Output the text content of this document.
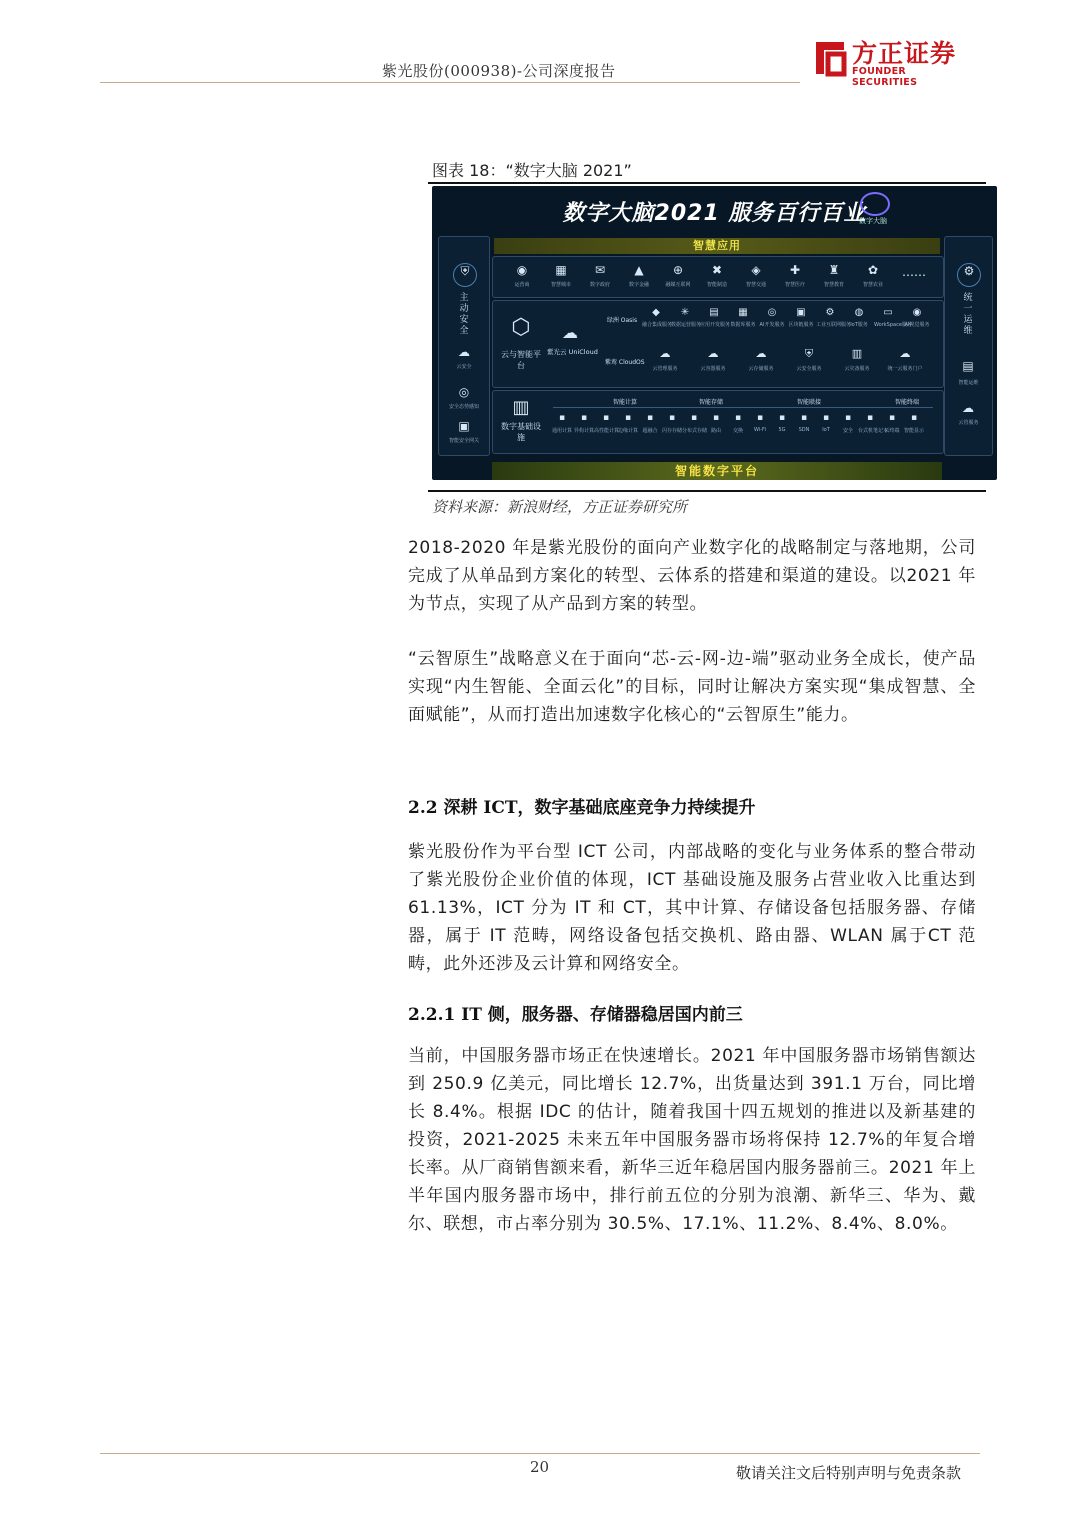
紫光股份(000938)-公司深度报告
方正证券
FOUNDER SECURITIES
图表 18：“数字大脑 2021”
数字大脑2021 服务百行百业
数字大脑
⛨
主动安全
☁
云安全
◎
安全态势感知
▣
智能安全网关
⚙
统一运维
▤
智能运维
☁
云管服务
智慧应用
◉
运营商
▦
智慧城市
✉
数字政府
▲
数字金融
⊕
融媒互联网
✖
智能制造
◈
智慧交通
✚
智慧医疗
♜
智慧教育
✿
智慧农业
……
⬡
云与智能平台
☁
紫光云 UniCloud
绿洲 Oasis
紫鸾 CloudOS
◆
融合集成服务
✳
数据运营服务
▤
应用开发服务
▦
数据库服务
◎
AI开发服务
▣
区块链服务
⚙
工业互联网服务
◍
IoT服务
▭
WorkSpace服务
◉
AI视觉服务
☁
云管理服务
☁
云容器服务
☁
云存储服务
⛨
云安全服务
▥
云灾备服务
☁
统一云服务门户
▥
数字基础设施
智能计算	智能存储	智能联接	智能终端
▪
通用计算
▪
异构计算
▪
高性能计算
▪
边缘计算
▪
超融合
▪
闪存存储
▪
分布式存储
▪
路由
▪
交换
▪
Wi-Fi
▪
5G
▪
SDN
▪
IoT
▪
安全
▪
台式机笔记本
▪
云终端
▪
智能显示
智能数字平台
资料来源：新浪财经，方正证券研究所
2018-2020 年是紫光股份的面向产业数字化的战略制定与落地期，公司完成了从单品到方案化的转型、云体系的搭建和渠道的建设。以2021 年为节点，实现了从产品到方案的转型。
“云智原生”战略意义在于面向“芯-云-网-边-端”驱动业务全成长，使产品实现“内生智能、全面云化”的目标，同时让解决方案实现“集成智慧、全面赋能”，从而打造出加速数字化核心的“云智原生”能力。
2.2 深耕 ICT，数字基础底座竞争力持续提升
紫光股份作为平台型 ICT 公司，内部战略的变化与业务体系的整合带动了紫光股份企业价值的体现，ICT 基础设施及服务占营业收入比重达到 61.13%，ICT 分为 IT 和 CT，其中计算、存储设备包括服务器、存储器，属于 IT 范畴，网络设备包括交换机、路由器、WLAN 属于CT 范畴，此外还涉及云计算和网络安全。
2.2.1 IT 侧，服务器、存储器稳居国内前三
当前，中国服务器市场正在快速增长。2021 年中国服务器市场销售额达到 250.9 亿美元，同比增长 12.7%，出货量达到 391.1 万台，同比增长 8.4%。根据 IDC 的估计，随着我国十四五规划的推进以及新基建的投资，2021-2025 未来五年中国服务器市场将保持 12.7%的年复合增长率。从厂商销售额来看，新华三近年稳居国内服务器前三。2021 年上半年国内服务器市场中，排行前五位的分别为浪潮、新华三、华为、戴尔、联想，市占率分别为 30.5%、17.1%、11.2%、8.4%、8.0%。
20	敬请关注文后特别声明与免责条款
